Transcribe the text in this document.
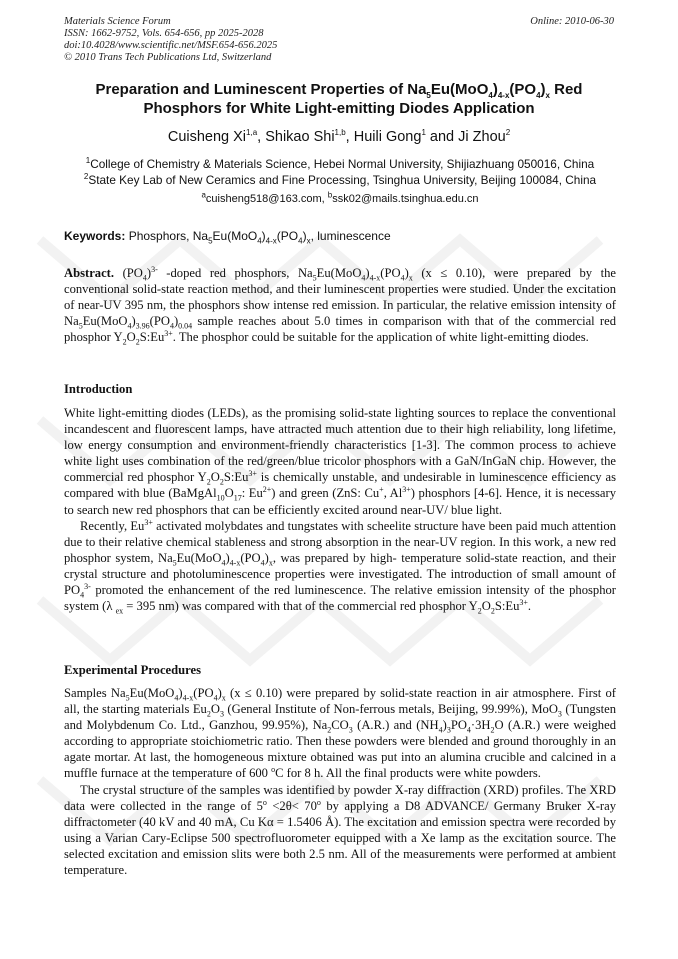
Materials Science Forum
ISSN: 1662-9752, Vols. 654-656, pp 2025-2028
doi:10.4028/www.scientific.net/MSF.654-656.2025
© 2010 Trans Tech Publications Ltd, Switzerland
Online: 2010-06-30
Preparation and Luminescent Properties of $Na_5Eu(MoO_4)_{4-x}(PO_4)_x$ Red
Phosphors for White Light-emitting Diodes Application
Cuisheng Xi$^{1,a}$, Shikao Shi$^{1,b}$, Huili Gong$^1$ and Ji Zhou$^2$
$^1$College of Chemistry & Materials Science, Hebei Normal University, Shijiazhuang 050016, China
$^2$State Key Lab of New Ceramics and Fine Processing, Tsinghua University, Beijing 100084, China
$^a$cuisheng518@163.com, $^b$ssk02@mails.tsinghua.edu.cn
Keywords: Phosphors, $Na_5Eu(MoO_4)_{4-x}(PO_4)_x$, luminescence

Abstract. $(PO_4)^{3-}$ -doped red phosphors, $Na_5Eu(MoO_4)_{4-x}(PO_4)_x$ (x ≤ 0.10), were prepared by the conventional solid-state reaction method, and their luminescent properties were studied. Under the excitation of near-UV 395 nm, the phosphors show intense red emission. In particular, the relative emission intensity of $Na_5Eu(MoO_4)_{3.96}(PO_4)_{0.04}$ sample reaches about 5.0 times in comparison with that of the commercial red phosphor $Y_2O_2S:Eu^{3+}$. The phosphor could be suitable for the application of white light-emitting diodes.

Introduction

White light-emitting diodes (LEDs), as the promising solid-state lighting sources to replace the conventional incandescent and fluorescent lamps, have attracted much attention due to their high reliability, long lifetime, low energy consumption and environment-friendly characteristics [1-3]. The common process to achieve white light uses combination of the red/green/blue tricolor phosphors with a GaN/InGaN chip. However, the commercial red phosphor $Y_2O_2S:Eu^{3+}$ is chemically unstable, and undesirable in luminescence efficiency as compared with blue ($BaMgAl_{10}O_{17}$: $Eu^{2+}$) and green (ZnS: Cu+, $Al^{3+}$) phosphors [4-6]. Hence, it is necessary to search new red phosphors that can be efficiently excited around near-UV/ blue light.

Recently, $Eu^{3+}$ activated molybdates and tungstates with scheelite structure have been paid much attention due to their relative chemical stableness and strong absorption in the near-UV region. In this work, a new red phosphor system, $Na_5Eu(MoO_4)_{4-x}(PO_4)_x$, was prepared by high- temperature solid-state reaction, and their crystal structure and photoluminescence properties were investigated. The introduction of small amount of $PO_4^{3-}$ promoted the enhancement of the red luminescence. The relative emission intensity of the phosphor system (λ $_{ex}$ = 395 nm) was compared with that of the commercial red phosphor $Y_2O_2S:Eu^{3+}$.

Experimental Procedures

Samples $Na_5Eu(MoO_4)_{4-x}(PO_4)_x$ (x ≤ 0.10) were prepared by solid-state reaction in air atmosphere. First of all, the starting materials $Eu_2O_3$ (General Institute of Non-ferrous metals, Beijing, 99.99%), MoO$_3$ (Tungsten and Molybdenum Co. Ltd., Ganzhou, 99.95%), $Na_2CO_3$ (A.R.) and $(NH_4)_3PO_4\cdot 3H_2O$ (A.R.) were weighed according to appropriate stoichiometric ratio. Then these powders were blended and ground thoroughly in an agate mortar. At last, the homogeneous mixture obtained was put into an alumina crucible and calcined in a muffle furnace at the temperature of 600 $^o$C for 8 h. All the final products were white powders.

The crystal structure of the samples was identified by powder X-ray diffraction (XRD) profiles. The XRD data were collected in the range of $5^o <2\theta< 70^o$ by applying a D8 ADVANCE/ Germany Bruker X-ray diffractometer (40 kV and 40 mA, Cu Kα = 1.5406 Å). The excitation and emission spectra were recorded by using a Varian Cary-Eclipse 500 spectrofluorometer equipped with a Xe lamp as the excitation source. The selected excitation and emission slits were both 2.5 nm. All of the measurements were performed at ambient temperature.
